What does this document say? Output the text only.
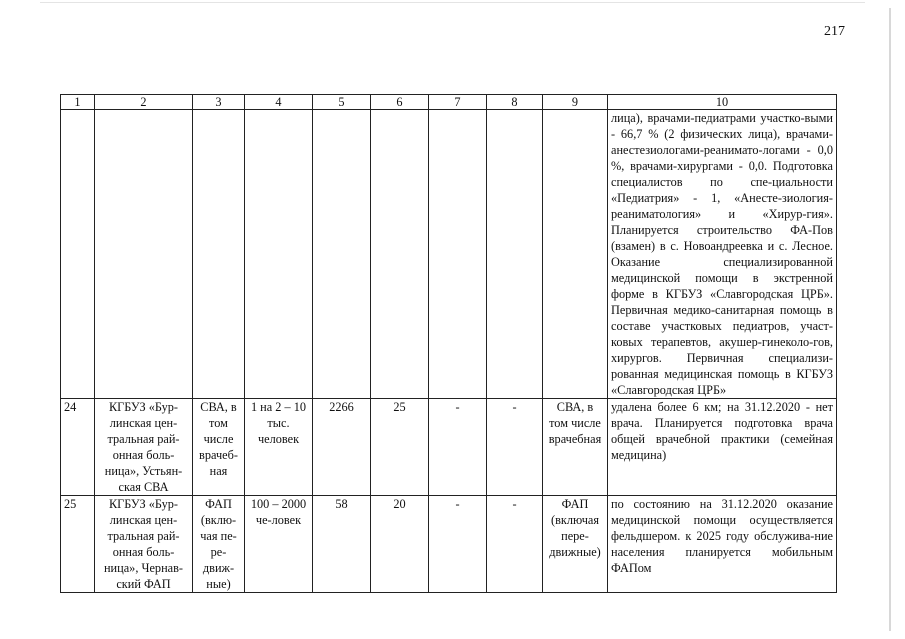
217
1	2	3	4	5	6	7	8	9	10
									лица), врачами-педиатрами участко-выми - 66,7 % (2 физических лица), врачами- анестезиологами-реанимато-логами - 0,0 %, врачами-хирургами - 0,0. Подготовка специалистов по спе-циальности «Педиатрия» - 1, «Анесте-зиология-реаниматология» и «Хирур-гия». Планируется строительство ФА-Пов (взамен) в с. Новоандреевка и с. Лесное. Оказание специализированной медицинской помощи в экстренной форме в КГБУЗ «Славгородская ЦРБ». Первичная медико-санитарная помощь в составе участковых педиатров, участ-ковых терапевтов, акушер-гинеколо-гов, хирургов. Первичная специализи-рованная медицинская помощь в КГБУЗ «Славгородская ЦРБ»
24	КГБУЗ «Бур-линская цен-тральная рай-онная боль-ница», Устьян-ская СВА	СВА, в том числе врачеб-ная	1 на 2 – 10 тыс. человек	2266	25	-	-	СВА, в том числе врачебная	удалена более 6 км; на 31.12.2020 - нет врача. Планируется подготовка врача общей врачебной практики (семейная медицина)
25	КГБУЗ «Бур-линская цен-тральная рай-онная боль-ница», Чернав-ский ФАП	ФАП (вклю-чая пе-ре-движ-ные)	100 – 2000 че-ловек	58	20	-	-	ФАП (включая пере-движные)	по состоянию на 31.12.2020 оказание медицинской помощи осуществляется фельдшером. к 2025 году обслужива-ние населения планируется мобильным ФАПом
